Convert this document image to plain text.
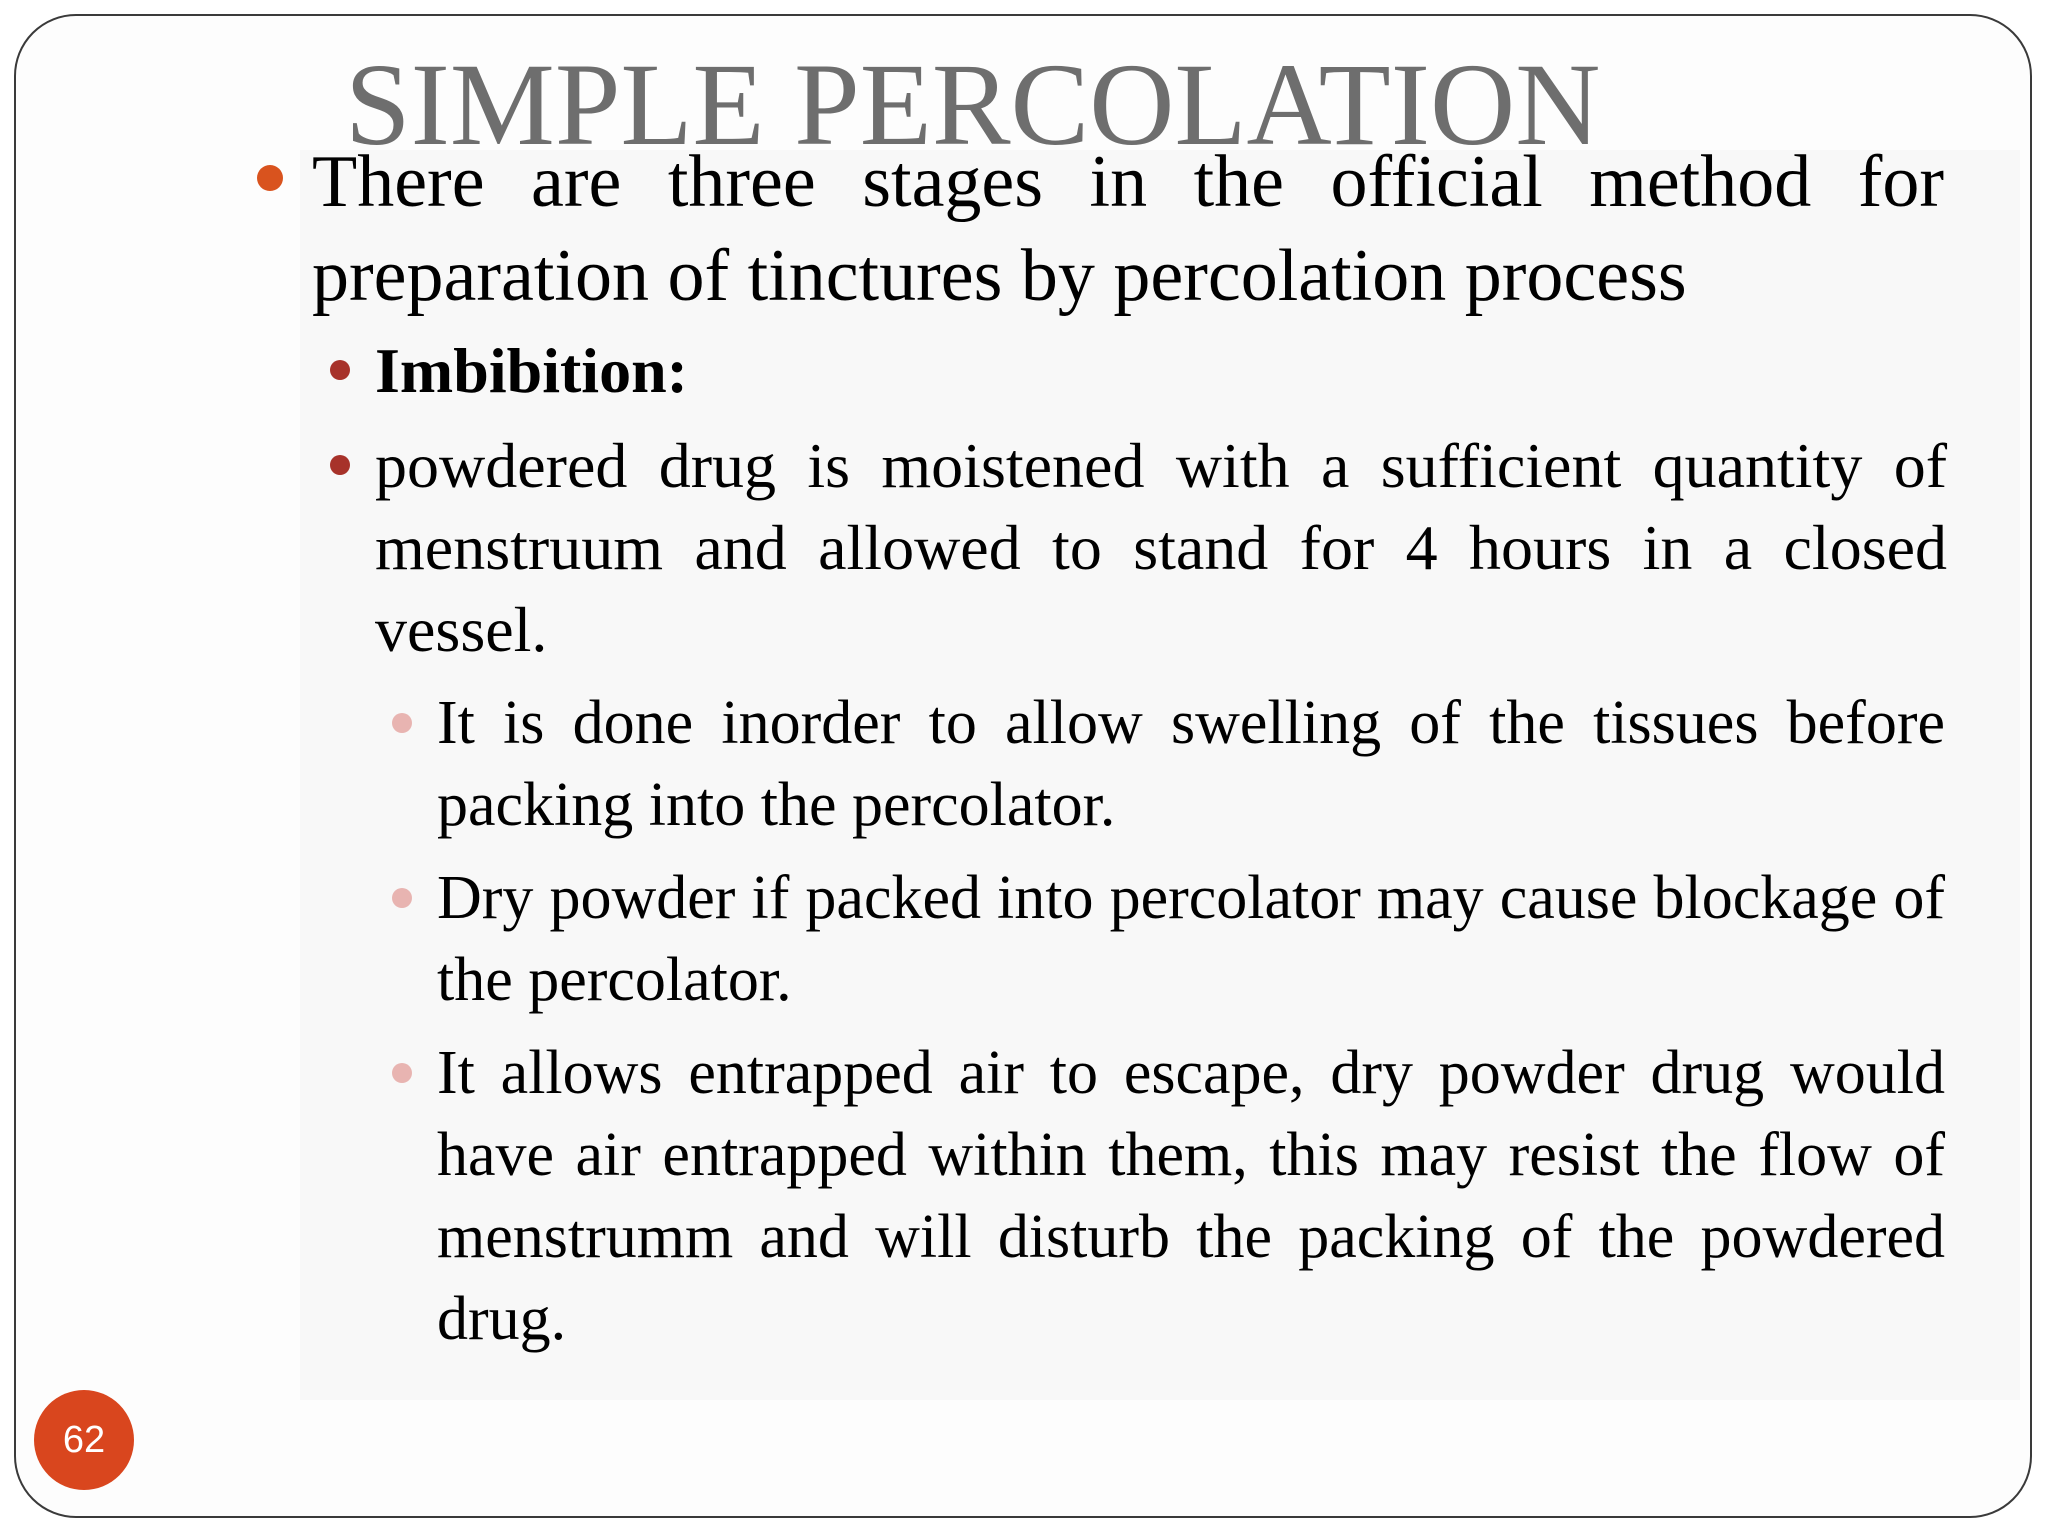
SIMPLE PERCOLATION
There are three stages in the official method for preparation of tinctures by percolation process
Imbibition:
powdered drug is moistened with a sufficient quantity of menstruum and allowed to stand for 4 hours in a closed vessel.
It is done inorder to allow swelling of the tissues before packing into the percolator.
Dry powder if packed into percolator may cause blockage of the percolator.
It allows entrapped air to escape, dry powder drug would have air entrapped within them, this may resist the flow of menstrumm and will disturb the packing of the powdered drug.
62
